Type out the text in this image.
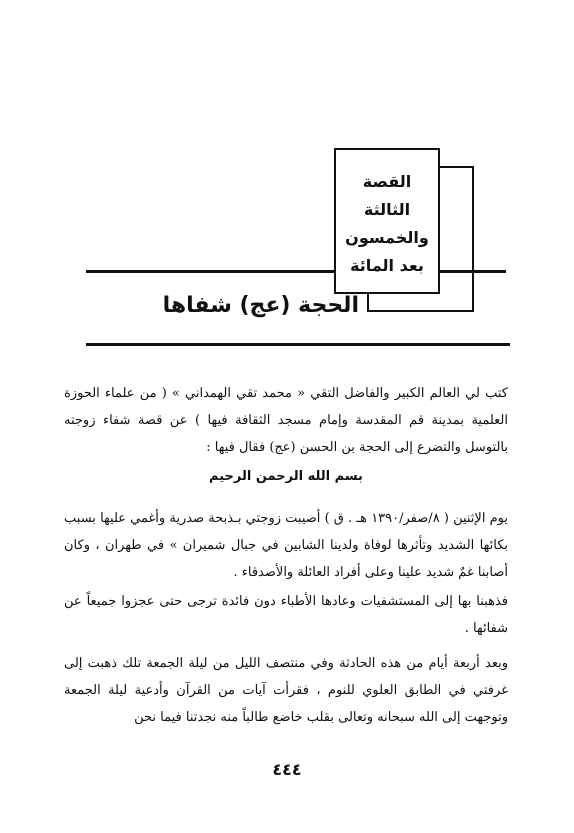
القصة
الثالثة
والخمسون
بعد المائة
الحجة (عج) شفاها

كتب لي العالم الكبير والفاضل التقي « محمد تقي الهمداني » ( من علماء الحوزة العلمية بمدينة قم المقدسة وإمام مسجد الثقافة فيها ) عن قصة شفاء زوجته بالتوسل والتضرع إلى الحجة بن الحسن (عج) فقال فيها :

بسم الله الرحمن الرحيم

يوم الإثنين ( ٨/صفر/١٣٩٠ هـ . ق ) أصيبت زوجتي بـذبحة صدرية وأغمي عليها بسبب بكائها الشديد وتأثرها لوفاة ولدينا الشابين في جبال شميران » في طهران ، وكان أصابنا غمٌ شديد علينا وعلى أفراد العائلة والأصدقاء .

فذهبنا بها إلى المستشفيات وعادها الأطباء دون فائدة ترجى حتى عجزوا جميعاً عن شفائها .

وبعد أربعة أيام من هذه الحادثة وفي منتصف الليل من ليلة الجمعة تلك ذهبت إلى غرفتي في الطابق العلوي للنوم ، فقرأت آيات من القرآن وأدعية ليلة الجمعة وتوجهت إلى الله سبحانه وتعالى بقلب خاضع طالباً منه نجدتنا فيما نحن

٤٤٤
